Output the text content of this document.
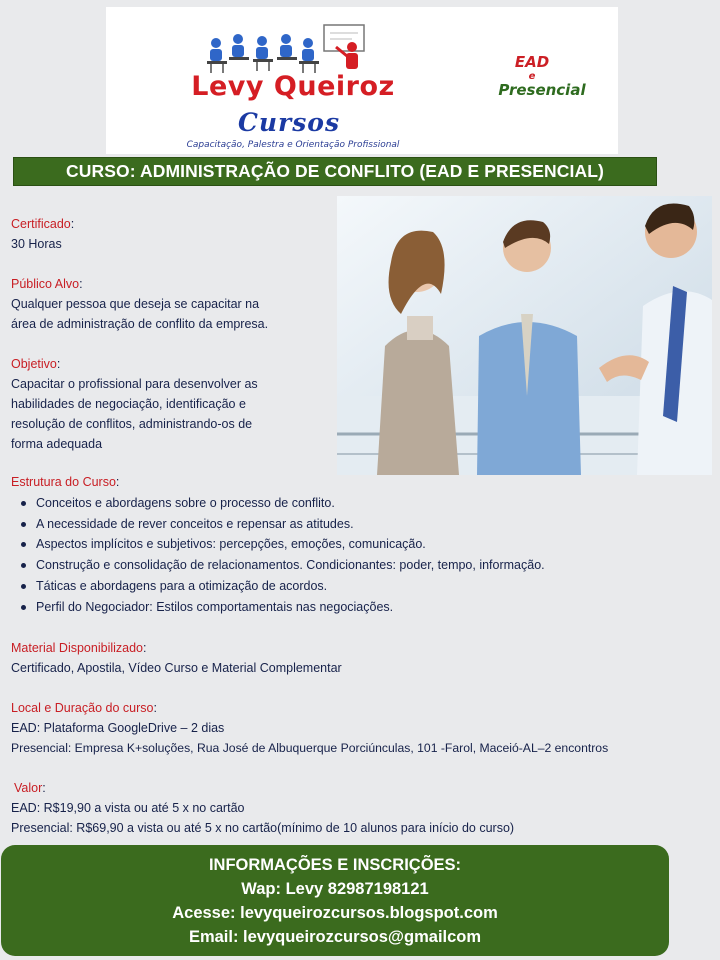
Levy Queiroz
Cursos
Capacitação, Palestra e Orientação Profissional
EAD
e
Presencial
CURSO: ADMINISTRAÇÃO DE CONFLITO (EAD E PRESENCIAL)
Certificado:
30 Horas
Público Alvo:
Qualquer pessoa que deseja se capacitar na
área de administração de conflito da empresa.
Objetivo:
Capacitar o profissional para desenvolver as
habilidades de negociação, identificação e
resolução de conflitos, administrando-os de
forma adequada
Estrutura do Curso:
Conceitos e abordagens sobre o processo de conflito.
A necessidade de rever conceitos e repensar as atitudes.
Aspectos implícitos e subjetivos: percepções, emoções, comunicação.
Construção e consolidação de relacionamentos. Condicionantes: poder, tempo, informação.
Táticas e abordagens para a otimização de acordos.
Perfil do Negociador: Estilos comportamentais nas negociações.
Material Disponibilizado:
Certificado, Apostila, Vídeo Curso e Material Complementar
Local e Duração do curso:
EAD: Plataforma GoogleDrive – 2 dias
Presencial: Empresa K+soluções, Rua José de Albuquerque Porciúnculas, 101 -Farol, Maceió-AL–2 encontros
Valor:
EAD: R$19,90 a vista ou até 5 x no cartão
Presencial: R$69,90 a vista ou até 5 x no cartão(mínimo de 10 alunos para início do curso)
INFORMAÇÕES E INSCRIÇÕES:
Wap: Levy 82987198121
Acesse: levyqueirozcursos.blogspot.com
Email: levyqueirozcursos@gmailcom
